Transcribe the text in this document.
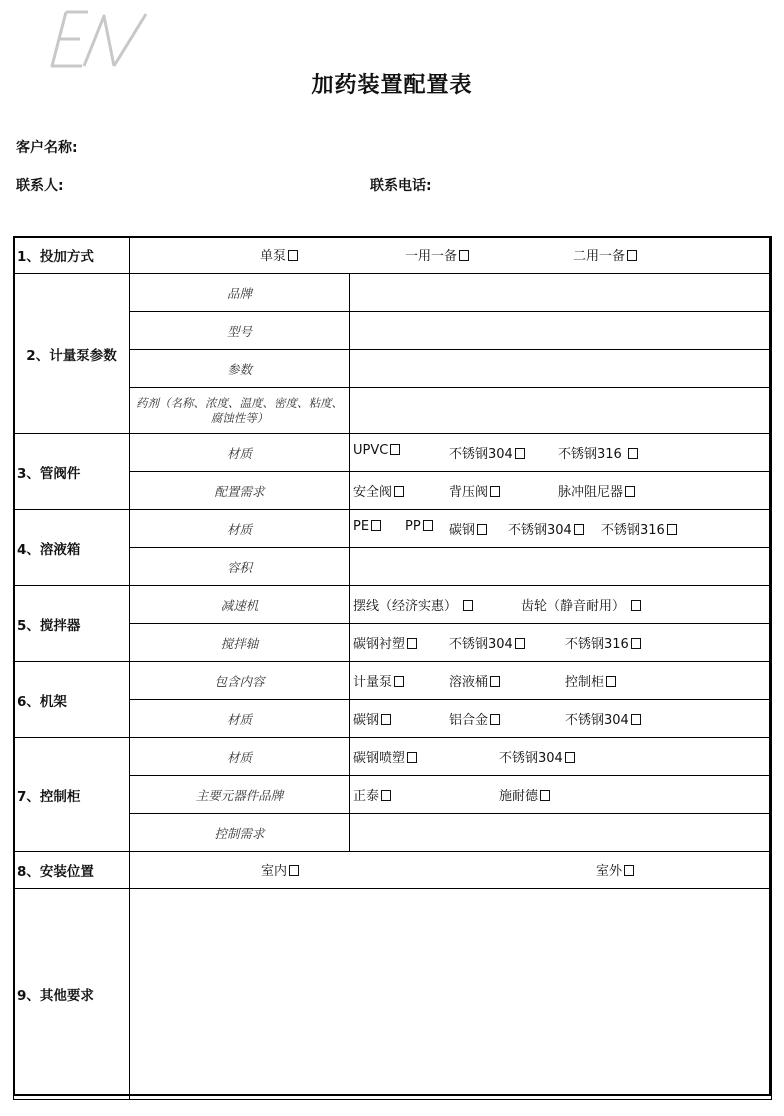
加药装置配置表
客户名称:
联系人:	联系电话:
1、投加方式	单泵 一用一备 二用一备	

2、计量泵参数	品牌	
	型号	
	参数	
	药剂（名称、浓度、温度、密度、粘度、腐蚀性等）	
3、管阀件	材质	UPVC 不锈钢304 不锈钢316

	配置需求	安全阀 背压阀 脉冲阻尼器

4、溶液箱	材质	PE PP 碳钢 不锈钢304 不锈钢316

	容积	
5、搅拌器	减速机	摆线（经济实惠） 齿轮（静音耐用）

	搅拌轴	碳钢衬塑 不锈钢304 不锈钢316

6、机架	包含内容	计量泵 溶液桶 控制柜

	材质	碳钢 铝合金 不锈钢304

7、控制柜	材质	碳钢喷塑 不锈钢304

	主要元器件品牌	正泰 施耐德

	控制需求	
8、安装位置	室内 室外	

9、其他要求		
